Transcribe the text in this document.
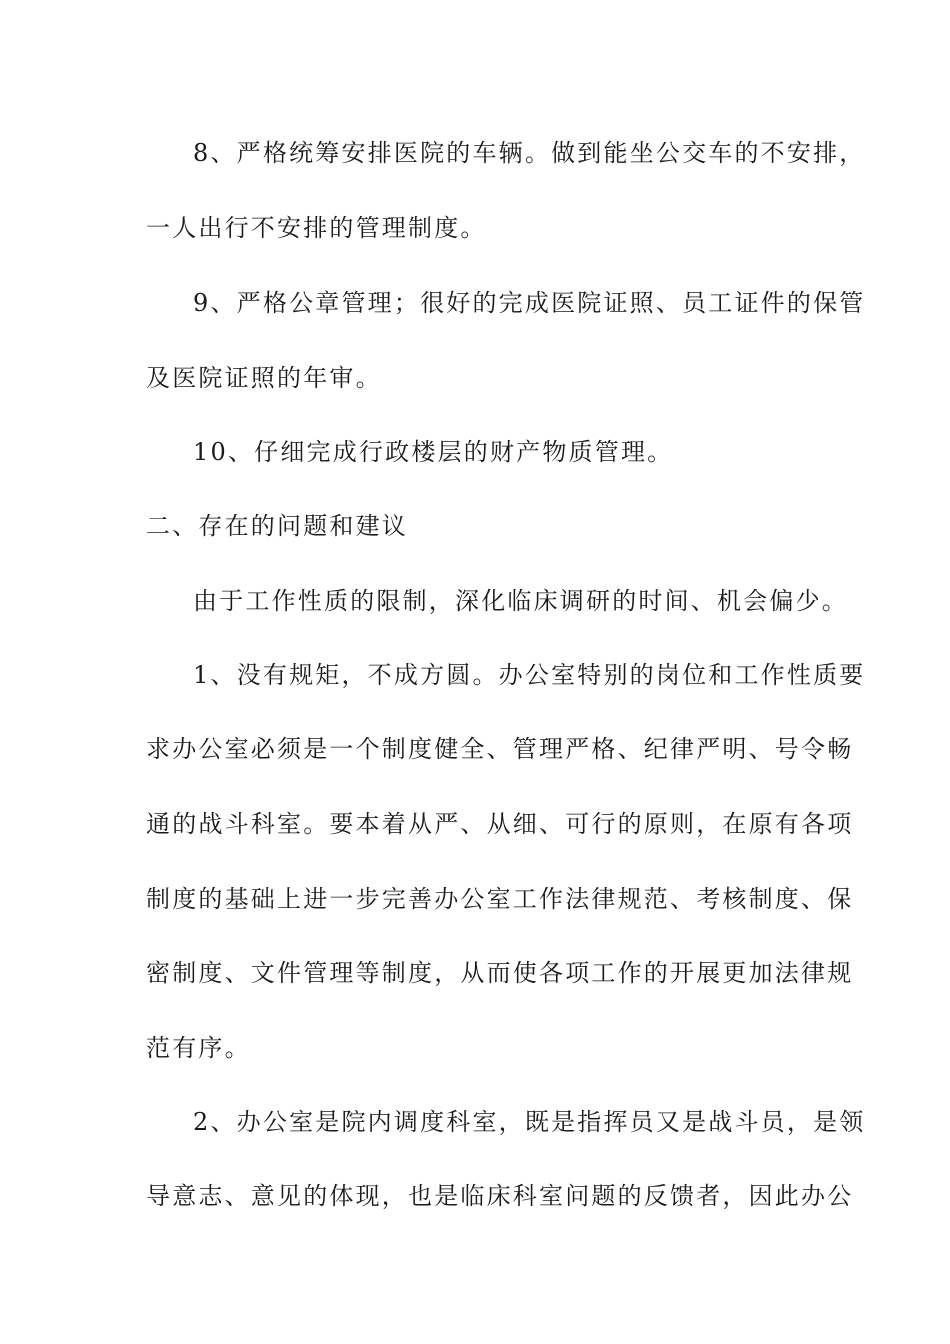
8、严格统筹安排医院的车辆。做到能坐公交车的不安排，
一人出行不安排的管理制度。
9、严格公章管理；很好的完成医院证照、员工证件的保管
及医院证照的年审。
10、仔细完成行政楼层的财产物质管理。
二、存在的问题和建议
由于工作性质的限制，深化临床调研的时间、机会偏少。
1、没有规矩，不成方圆。办公室特别的岗位和工作性质要
求办公室必须是一个制度健全、管理严格、纪律严明、号令畅
通的战斗科室。要本着从严、从细、可行的原则，在原有各项
制度的基础上进一步完善办公室工作法律规范、考核制度、保
密制度、文件管理等制度，从而使各项工作的开展更加法律规
范有序。
2、办公室是院内调度科室，既是指挥员又是战斗员，是领
导意志、意见的体现，也是临床科室问题的反馈者，因此办公
